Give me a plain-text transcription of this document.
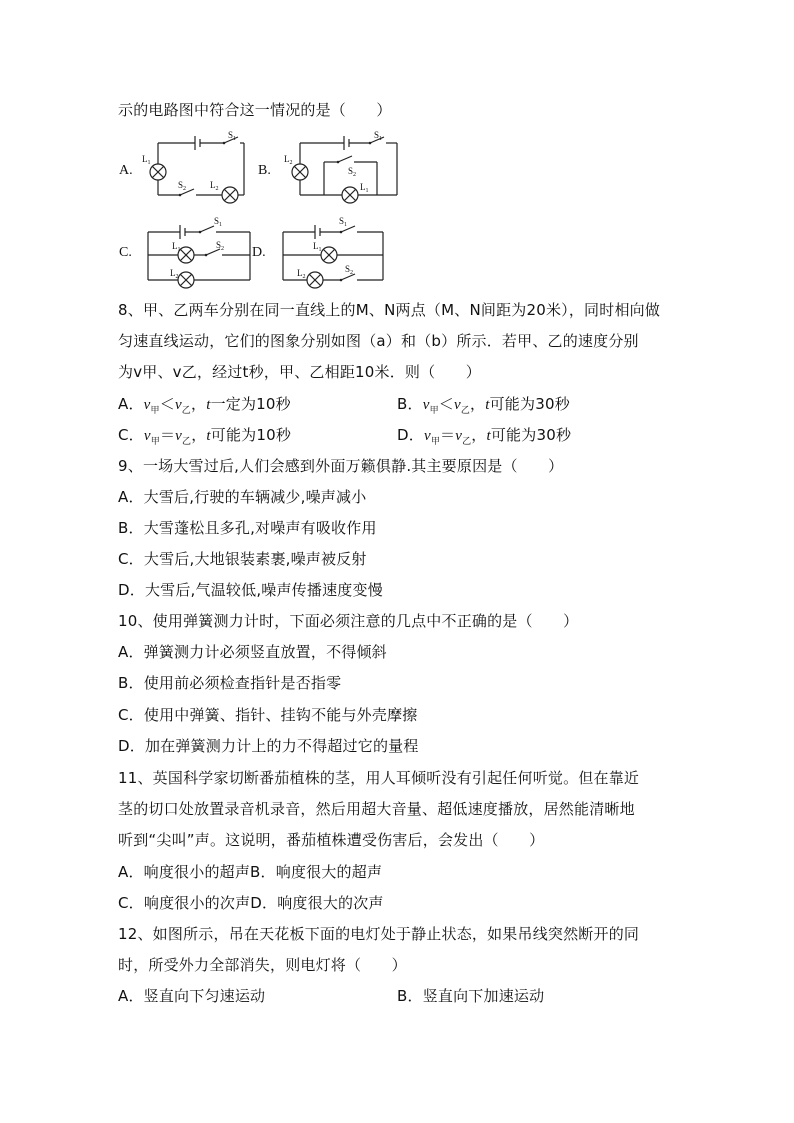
示的电路图中符合这一情况的是（　　）
A.	B.
C.	D.
$S_1$
$L_1$
$S_2$	$L_2$
$S_1$
$L_2$
$S_2$
$L_1$
$S_1$
$L_1$	$S_2$
$L_2$
$S_1$
$L_1$
$L_2$
$S_2$
8、甲、乙两车分别在同一直线上的M、N两点（M、N间距为20米），同时相向做
匀速直线运动，它们的图象分别如图（a）和（b）所示．若甲、乙的速度分别
为v甲、v乙，经过t秒，甲、乙相距10米．则（　　）
A．$v_甲<v_乙$，t一定为10秒	B．$v_甲<v_乙$，t可能为30秒
C．$v_甲=v_乙$，t可能为10秒	D．$v_甲=v_乙$，t可能为30秒
9、一场大雪过后,人们会感到外面万籁俱静.其主要原因是（　　）
A．大雪后,行驶的车辆减少,噪声减小
B．大雪蓬松且多孔,对噪声有吸收作用
C．大雪后,大地银装素裹,噪声被反射
D．大雪后,气温较低,噪声传播速度变慢
10、使用弹簧测力计时，下面必须注意的几点中不正确的是（　　）
A．弹簧测力计必须竖直放置，不得倾斜
B．使用前必须检查指针是否指零
C．使用中弹簧、指针、挂钩不能与外壳摩擦
D．加在弹簧测力计上的力不得超过它的量程
11、英国科学家切断番茄植株的茎，用人耳倾听没有引起任何听觉。但在靠近
茎的切口处放置录音机录音，然后用超大音量、超低速度播放，居然能清晰地
听到“尖叫”声。这说明，番茄植株遭受伤害后，会发出（　　）
A．响度很小的超声B．响度很大的超声
C．响度很小的次声D．响度很大的次声
12、如图所示，吊在天花板下面的电灯处于静止状态，如果吊线突然断开的同
时，所受外力全部消失，则电灯将（　　）
A．竖直向下匀速运动	B．竖直向下加速运动
